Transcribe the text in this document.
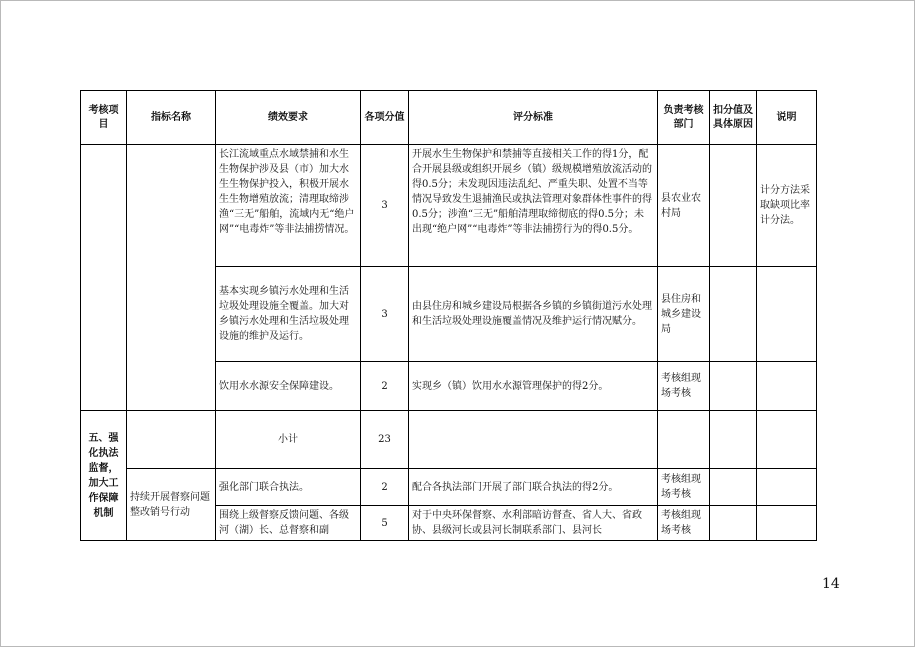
考核项目	指标名称	绩效要求	各项分值	评分标准	负责考核部门	扣分值及具体原因	说明
		长江流域重点水域禁捕和水生生物保护涉及县（市）加大水生生物保护投入，积极开展水生生物增殖放流；清理取缔涉渔“三无”船舶，流域内无“绝户网”“电毒炸”等非法捕捞情况。	3	开展水生生物保护和禁捕等直接相关工作的得1分，配合开展县级或组织开展乡（镇）级规模增殖放流活动的得0.5分；未发现因违法乱纪、严重失职、处置不当等情况导致发生退捕渔民或执法管理对象群体性事件的得0.5分；涉渔“三无”船舶清理取缔彻底的得0.5分；未出现“绝户网”“电毒炸”等非法捕捞行为的得0.5分。	县农业农村局		计分方法采取缺项比率计分法。
		基本实现乡镇污水处理和生活垃圾处理设施全覆盖。加大对乡镇污水处理和生活垃圾处理设施的维护及运行。	3	由县住房和城乡建设局根据各乡镇的乡镇街道污水处理和生活垃圾处理设施覆盖情况及维护运行情况赋分。	县住房和城乡建设局		
		饮用水水源安全保障建设。	2	实现乡（镇）饮用水水源管理保护的得2分。	考核组现场考核		
五、强化执法监督，加大工作保障机制		小计	23				
	持续开展督察问题整改销号行动	强化部门联合执法。	2	配合各执法部门开展了部门联合执法的得2分。	考核组现场考核		
		围绕上级督察反馈问题、各级河（湖）长、总督察和副	5	对于中央环保督察、水利部暗访督查、省人大、省政协、县级河长或县河长制联系部门、县河长	考核组现场考核		
14
